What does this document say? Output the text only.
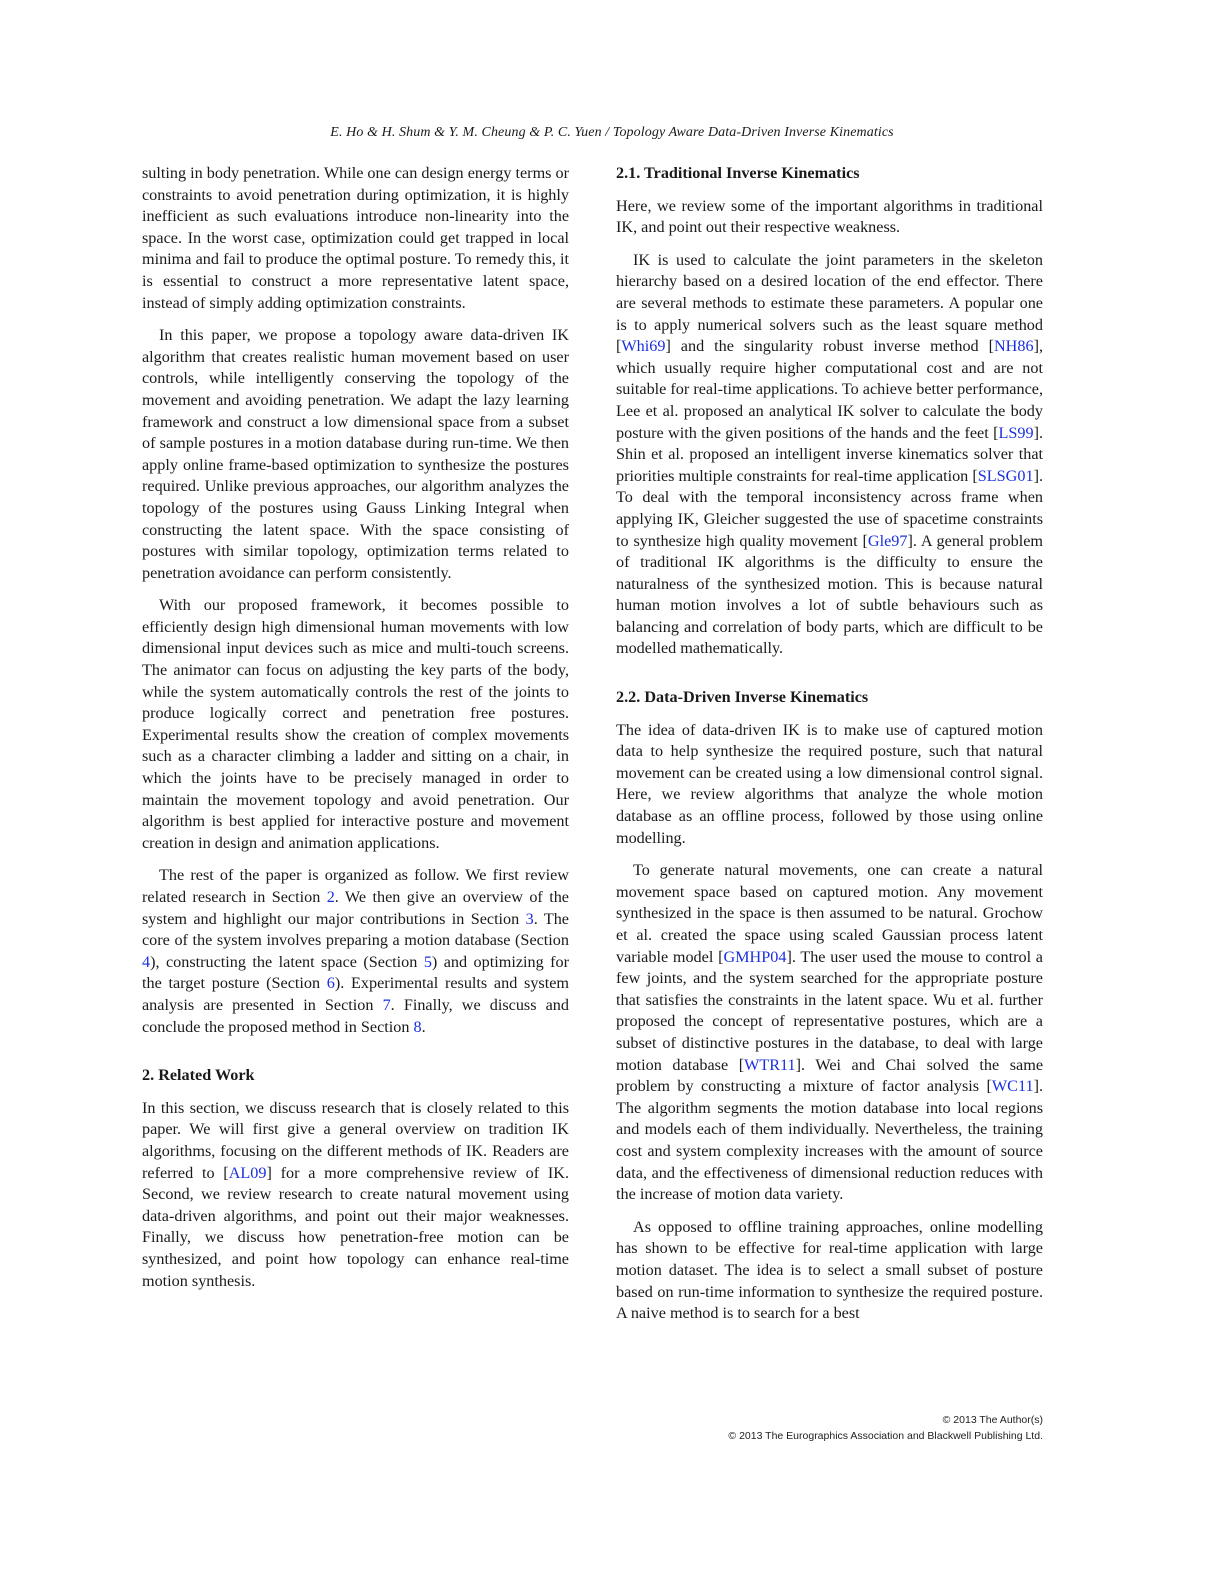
E. Ho & H. Shum & Y. M. Cheung & P. C. Yuen / Topology Aware Data-Driven Inverse Kinematics

sulting in body penetration. While one can design energy terms or constraints to avoid penetration during optimization, it is highly inefficient as such evaluations introduce non-linearity into the space. In the worst case, optimization could get trapped in local minima and fail to produce the optimal posture. To remedy this, it is essential to construct a more representative latent space, instead of simply adding optimization constraints.

In this paper, we propose a topology aware data-driven IK algorithm that creates realistic human movement based on user controls, while intelligently conserving the topology of the movement and avoiding penetration. We adapt the lazy learning framework and construct a low dimensional space from a subset of sample postures in a motion database during run-time. We then apply online frame-based optimization to synthesize the postures required. Unlike previous approaches, our algorithm analyzes the topology of the postures using Gauss Linking Integral when constructing the latent space. With the space consisting of postures with similar topology, optimization terms related to penetration avoidance can perform consistently.

With our proposed framework, it becomes possible to efficiently design high dimensional human movements with low dimensional input devices such as mice and multi-touch screens. The animator can focus on adjusting the key parts of the body, while the system automatically controls the rest of the joints to produce logically correct and penetration free postures. Experimental results show the creation of complex movements such as a character climbing a ladder and sitting on a chair, in which the joints have to be precisely managed in order to maintain the movement topology and avoid penetration. Our algorithm is best applied for interactive posture and movement creation in design and animation applications.

The rest of the paper is organized as follow. We first review related research in Section 2. We then give an overview of the system and highlight our major contributions in Section 3. The core of the system involves preparing a motion database (Section 4), constructing the latent space (Section 5) and optimizing for the target posture (Section 6). Experimental results and system analysis are presented in Section 7. Finally, we discuss and conclude the proposed method in Section 8.

2. Related Work

In this section, we discuss research that is closely related to this paper. We will first give a general overview on tradition IK algorithms, focusing on the different methods of IK. Readers are referred to [AL09] for a more comprehensive review of IK. Second, we review research to create natural movement using data-driven algorithms, and point out their major weaknesses. Finally, we discuss how penetration-free motion can be synthesized, and point how topology can enhance real-time motion synthesis.

2.1. Traditional Inverse Kinematics

Here, we review some of the important algorithms in traditional IK, and point out their respective weakness.

IK is used to calculate the joint parameters in the skeleton hierarchy based on a desired location of the end effector. There are several methods to estimate these parameters. A popular one is to apply numerical solvers such as the least square method [Whi69] and the singularity robust inverse method [NH86], which usually require higher computational cost and are not suitable for real-time applications. To achieve better performance, Lee et al. proposed an analytical IK solver to calculate the body posture with the given positions of the hands and the feet [LS99]. Shin et al. proposed an intelligent inverse kinematics solver that priorities multiple constraints for real-time application [SLSG01]. To deal with the temporal inconsistency across frame when applying IK, Gleicher suggested the use of spacetime constraints to synthesize high quality movement [Gle97]. A general problem of traditional IK algorithms is the difficulty to ensure the naturalness of the synthesized motion. This is because natural human motion involves a lot of subtle behaviours such as balancing and correlation of body parts, which are difficult to be modelled mathematically.

2.2. Data-Driven Inverse Kinematics

The idea of data-driven IK is to make use of captured motion data to help synthesize the required posture, such that natural movement can be created using a low dimensional control signal. Here, we review algorithms that analyze the whole motion database as an offline process, followed by those using online modelling.

To generate natural movements, one can create a natural movement space based on captured motion. Any movement synthesized in the space is then assumed to be natural. Grochow et al. created the space using scaled Gaussian process latent variable model [GMHP04]. The user used the mouse to control a few joints, and the system searched for the appropriate posture that satisfies the constraints in the latent space. Wu et al. further proposed the concept of representative postures, which are a subset of distinctive postures in the database, to deal with large motion database [WTR11]. Wei and Chai solved the same problem by constructing a mixture of factor analysis [WC11]. The algorithm segments the motion database into local regions and models each of them individually. Nevertheless, the training cost and system complexity increases with the amount of source data, and the effectiveness of dimensional reduction reduces with the increase of motion data variety.

As opposed to offline training approaches, online modelling has shown to be effective for real-time application with large motion dataset. The idea is to select a small subset of posture based on run-time information to synthesize the required posture. A naive method is to search for a best

© 2013 The Author(s)
© 2013 The Eurographics Association and Blackwell Publishing Ltd.
